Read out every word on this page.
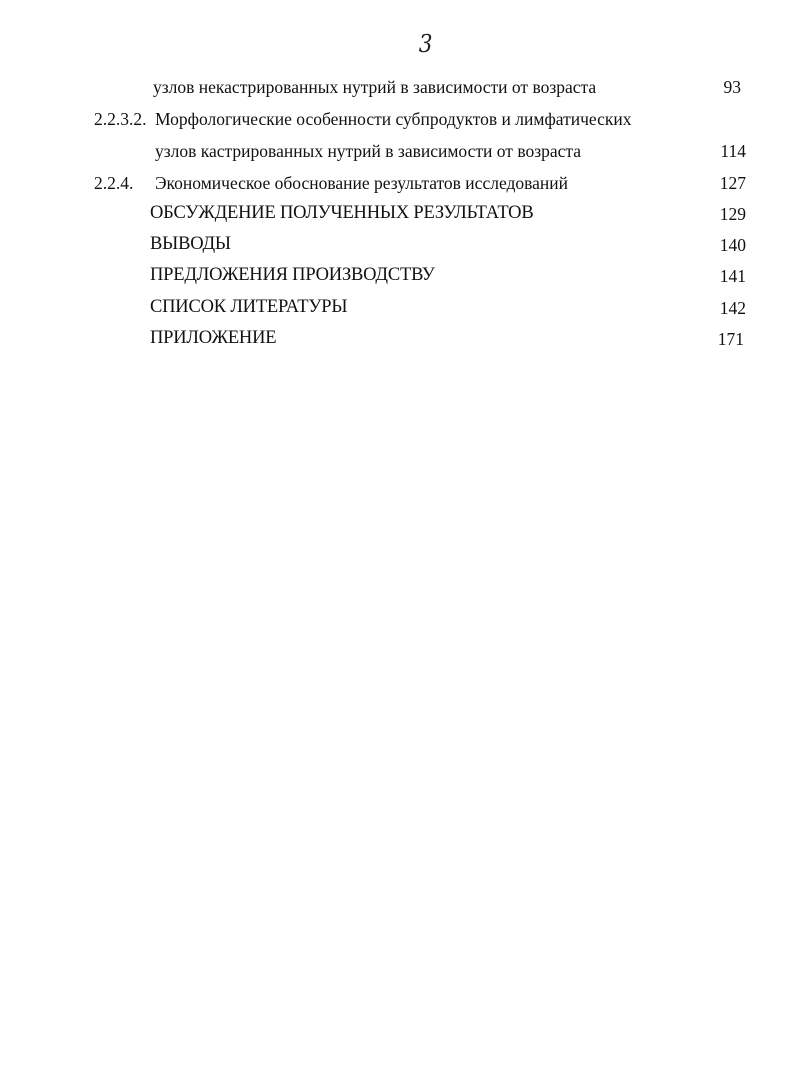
3
узлов некастрированных нутрий в зависимости от возраста	93
2.2.3.2. Морфологические особенности субпродуктов и лимфатических
узлов кастрированных нутрий в зависимости от возраста	114
2.2.4. Экономическое обоснование результатов исследований	127
ОБСУЖДЕНИЕ ПОЛУЧЕННЫХ РЕЗУЛЬТАТОВ	129
ВЫВОДЫ	140
ПРЕДЛОЖЕНИЯ ПРОИЗВОДСТВУ	141
СПИСОК ЛИТЕРАТУРЫ	142
ПРИЛОЖЕНИЕ	171
